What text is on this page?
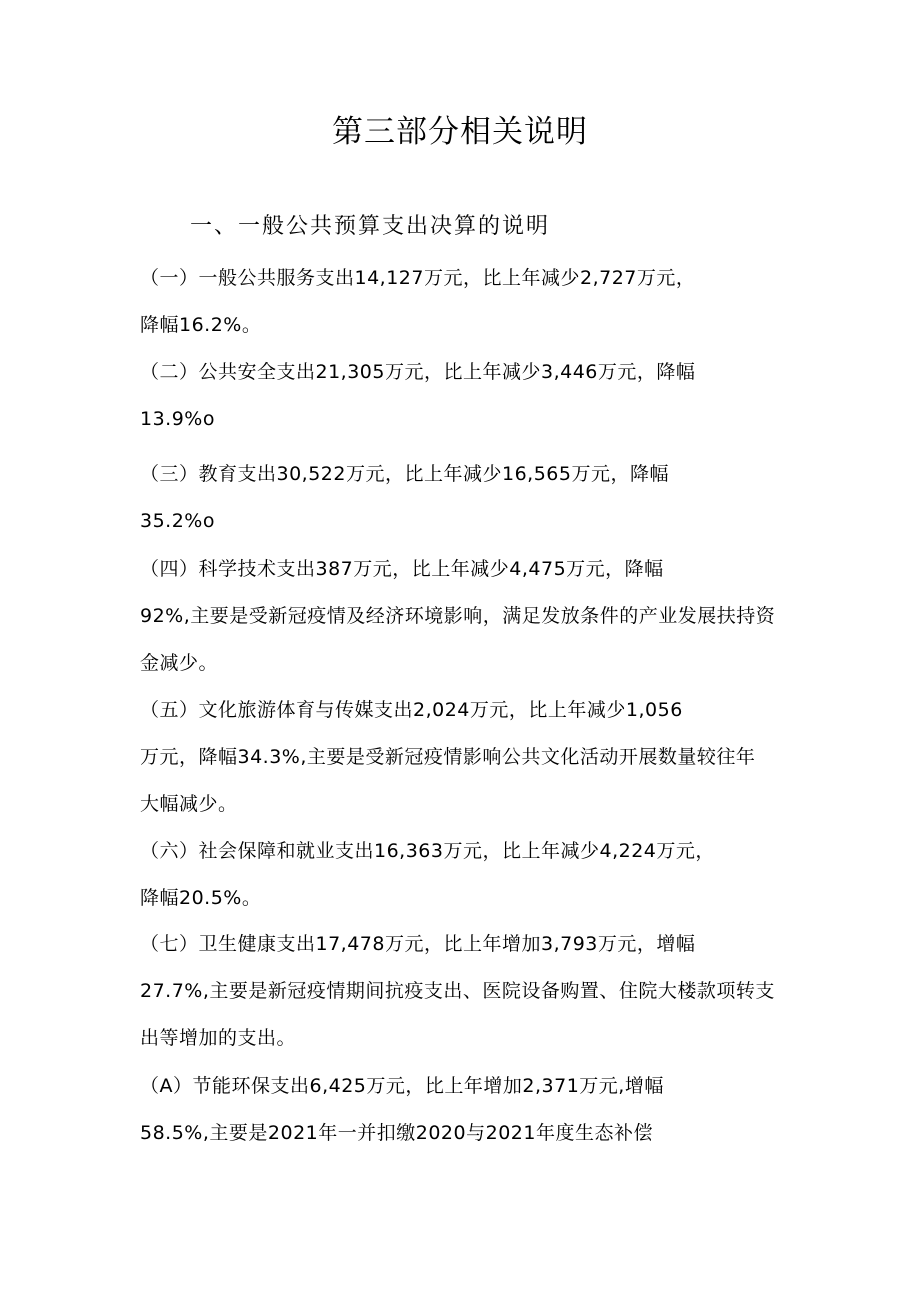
第三部分相关说明
一、一般公共预算支出决算的说明

（一）一般公共服务支出14,127万元，比上年减少2,727万元，
降幅16.2%。

（二）公共安全支出21,305万元，比上年减少3,446万元，降幅
13.9%o

（三）教育支出30,522万元，比上年减少16,565万元，降幅
35.2%o

（四）科学技术支出387万元，比上年减少4,475万元，降幅
92%,主要是受新冠疫情及经济环境影响，满足发放条件的产业发展扶持资
金减少。

（五）文化旅游体育与传媒支出2,024万元，比上年减少1,056
万元，降幅34.3%,主要是受新冠疫情影响公共文化活动开展数量较往年
大幅减少。

（六）社会保障和就业支出16,363万元，比上年减少4,224万元，
降幅20.5%。

（七）卫生健康支出17,478万元，比上年增加3,793万元，增幅
27.7%,主要是新冠疫情期间抗疫支出、医院设备购置、住院大楼款项转支
出等增加的支出。

（A）节能环保支出6,425万元，比上年增加2,371万元,增幅
58.5%,主要是2021年一并扣缴2020与2021年度生态补偿
